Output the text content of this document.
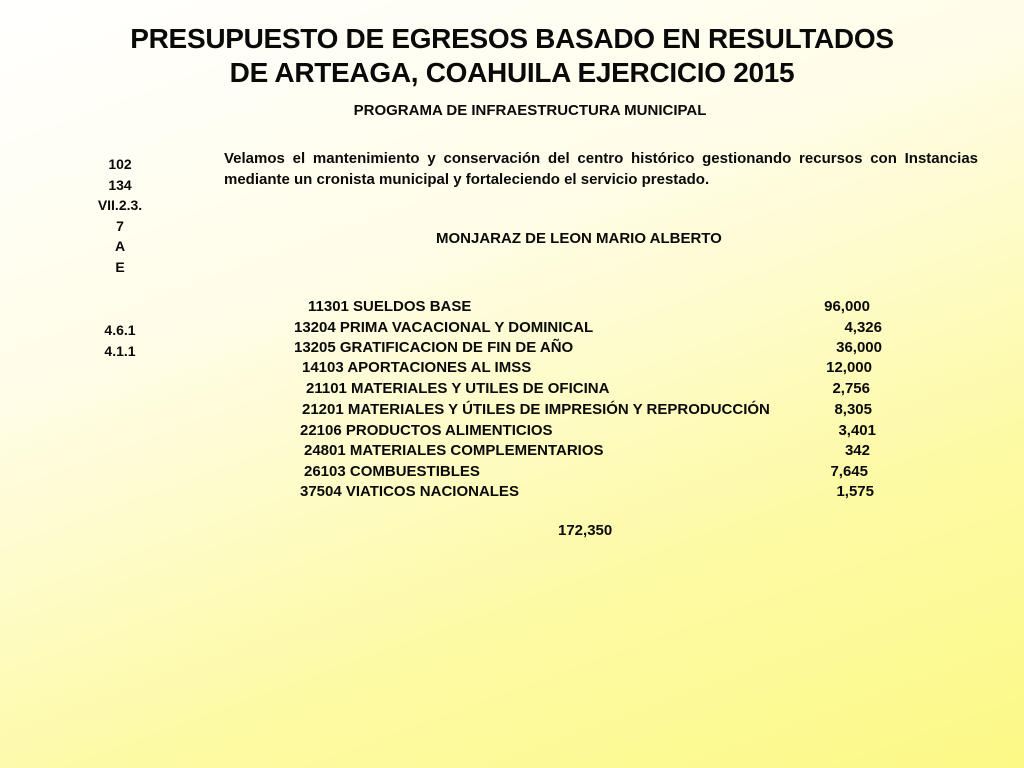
PRESUPUESTO DE EGRESOS BASADO EN RESULTADOS
DE ARTEAGA, COAHUILA EJERCICIO 2015
PROGRAMA DE INFRAESTRUCTURA MUNICIPAL
102
134
VII.2.3.
7
A
E
4.6.1
4.1.1
Velamos el mantenimiento y conservación del centro histórico gestionando recursos con Instancias mediante un cronista municipal y fortaleciendo el servicio prestado.
MONJARAZ DE LEON MARIO ALBERTO
11301 SUELDOS BASE	96,000
13204 PRIMA VACACIONAL Y DOMINICAL	4,326
13205 GRATIFICACION DE FIN DE AÑO	36,000
14103 APORTACIONES AL IMSS	12,000
21101 MATERIALES Y UTILES DE OFICINA	2,756
21201 MATERIALES Y ÚTILES DE IMPRESIÓN Y REPRODUCCIÓN	8,305
22106 PRODUCTOS ALIMENTICIOS	3,401
24801 MATERIALES COMPLEMENTARIOS	342
26103 COMBUESTIBLES	7,645
37504 VIATICOS NACIONALES	1,575
172,350
